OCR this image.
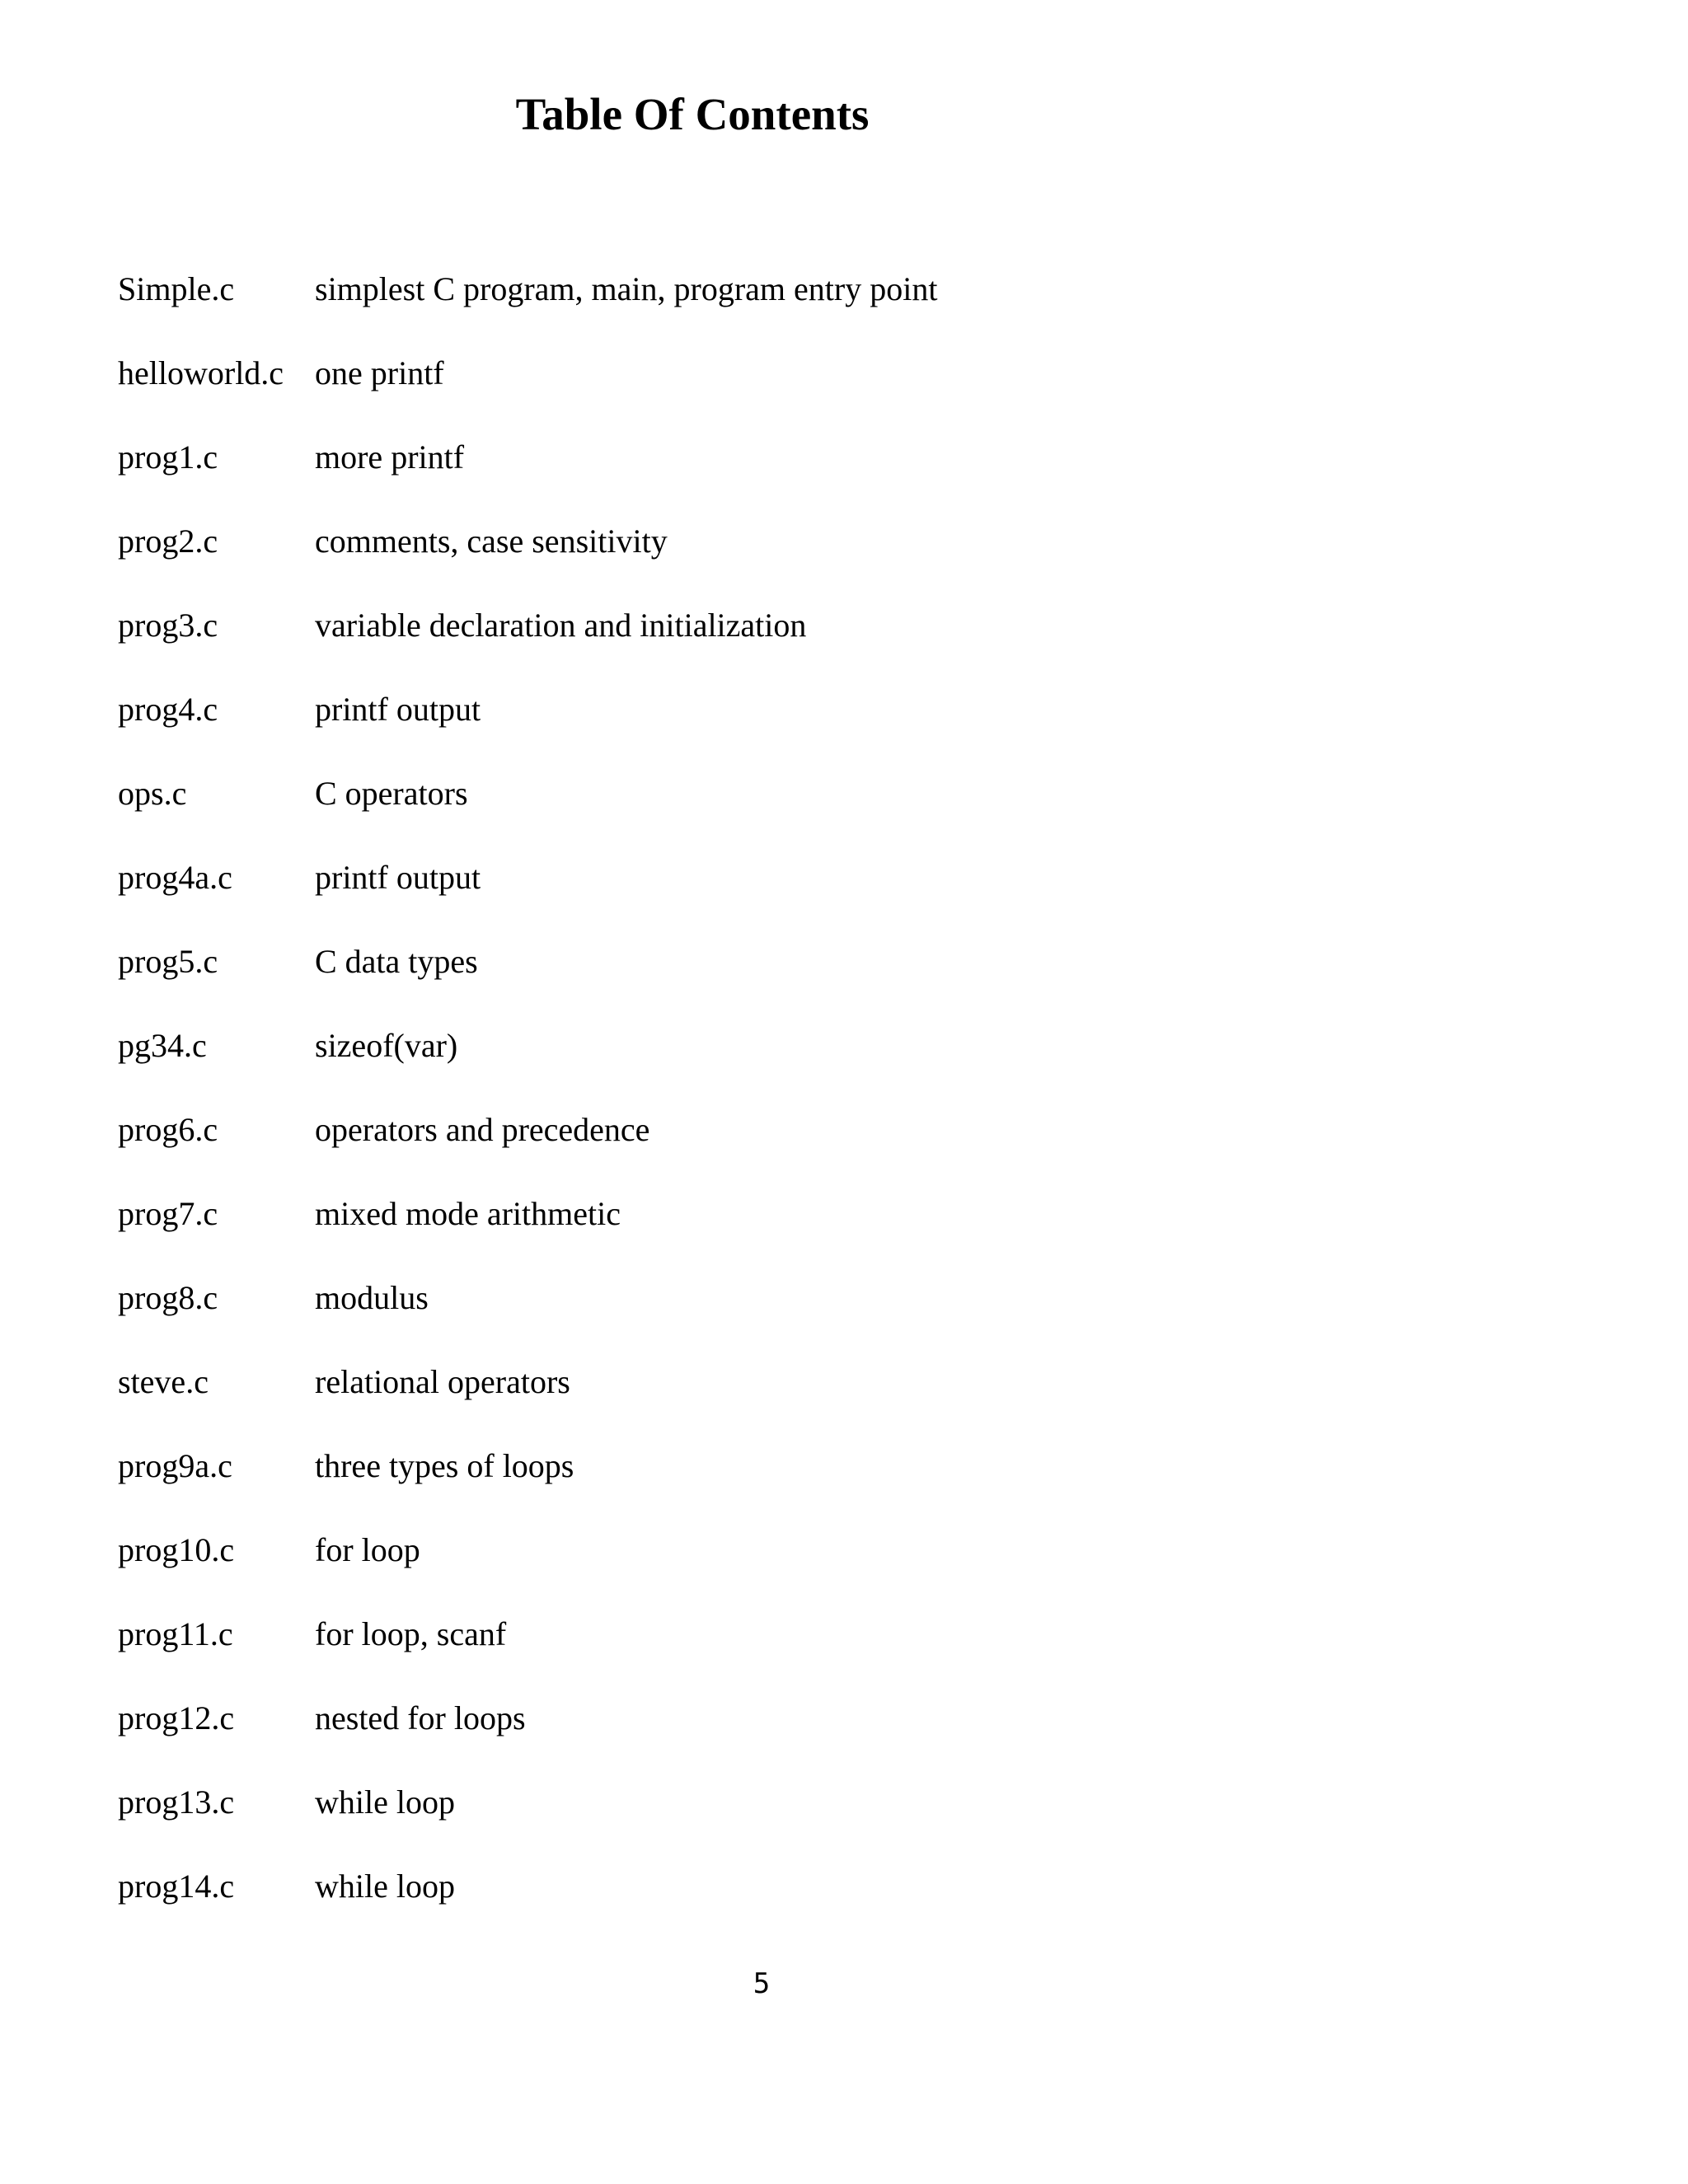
Table Of Contents
Simple.c simplest C program, main, program entry point
helloworld.c one printf
prog1.c	more printf
prog2.c	comments, case sensitivity
prog3.c	variable declaration and initialization
prog4.c	printf output
ops.c	C operators
prog4a.c	printf output
prog5.c	C data types
pg34.c	sizeof(var)
prog6.c	operators and precedence
prog7.c	mixed mode arithmetic
prog8.c	modulus
steve.c	relational operators
prog9a.c	three types of loops
prog10.c for loop
prog11.c for loop, scanf
prog12.c nested for loops
prog13.c while loop
prog14.c while loop
5
